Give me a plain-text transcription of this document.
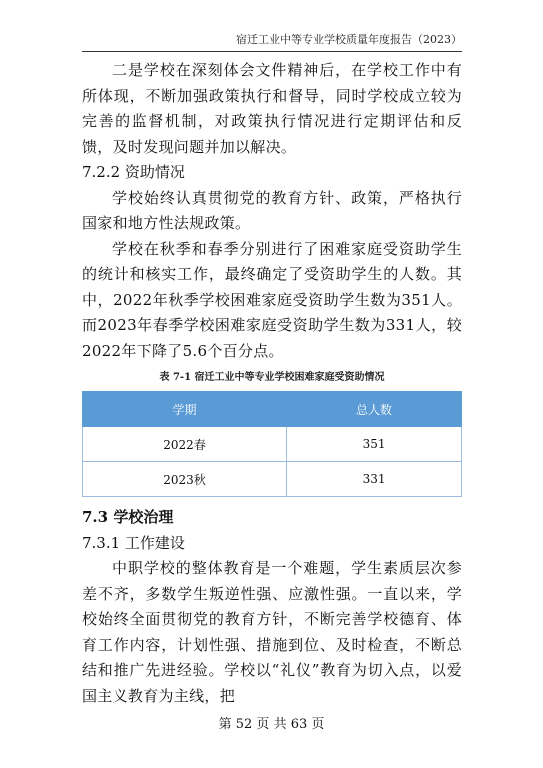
宿迁工业中等专业学校质量年度报告（2023）

二是学校在深刻体会文件精神后，在学校工作中有所体现，不断加强政策执行和督导，同时学校成立较为完善的监督机制，对政策执行情况进行定期评估和反馈，及时发现问题并加以解决。

7.2.2 资助情况

学校始终认真贯彻党的教育方针、政策，严格执行国家和地方性法规政策。

学校在秋季和春季分别进行了困难家庭受资助学生的统计和核实工作，最终确定了受资助学生的人数。其中，2022年秋季学校困难家庭受资助学生数为351人。而2023年春季学校困难家庭受资助学生数为331人，较2022年下降了5.6个百分点。

表 7-1 宿迁工业中等专业学校困难家庭受资助情况
学期	总人数
2022春	351
2023秋	331
7.3 学校治理
7.3.1 工作建设

中职学校的整体教育是一个难题，学生素质层次参差不齐，多数学生叛逆性强、应激性强。一直以来，学校始终全面贯彻党的教育方针，不断完善学校德育、体育工作内容，计划性强、措施到位、及时检查，不断总结和推广先进经验。学校以“礼仪”教育为切入点，以爱国主义教育为主线，把

第 52 页 共 63 页
